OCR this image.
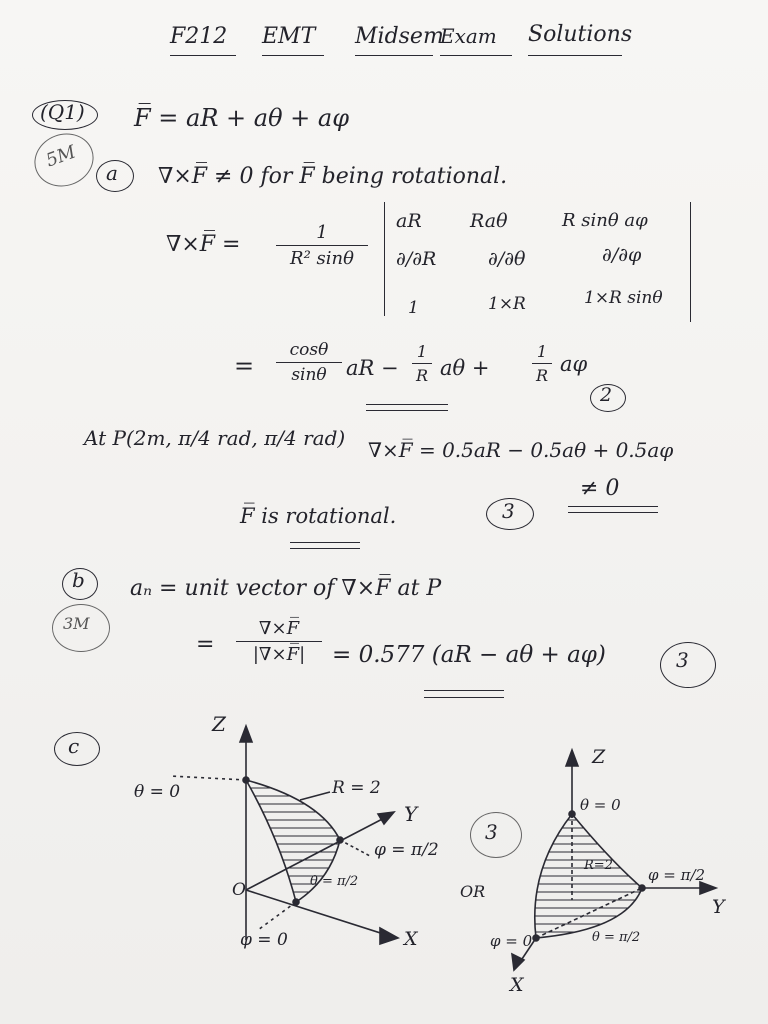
F212 EMT Midsem
Exam Solutions
(Q1)
5M
F̅ = aR + aθ + aφ
a ∇×F̅ ≠ 0 for F̅ being rotational.
∇×F̅ =	1
R² sinθ
aR	Raθ	R sinθ aφ
∂/∂R	∂/∂θ	∂/∂φ
1	1×R	1×R sinθ
=
cosθ
sinθ aR −
1
R aθ +
1
R aφ
2
At P(2m, π/4 rad, π/4 rad) ∇×F̅ = 0.5aR − 0.5aθ + 0.5aφ
≠ 0
F̅ is rotational.	3
b
3M
aₙ = unit vector of ∇×F̅ at P
=
∇×F̅
|∇×F̅|	= 0.577 (aR − aθ + aφ)	3
c
Z
Y
X
O
θ = 0	R = 2
φ = π/2
θ = π/2
φ = 0
3
OR
Z
Y
X
θ = 0
R=2
φ = π/2
θ = π/2
φ = 0
